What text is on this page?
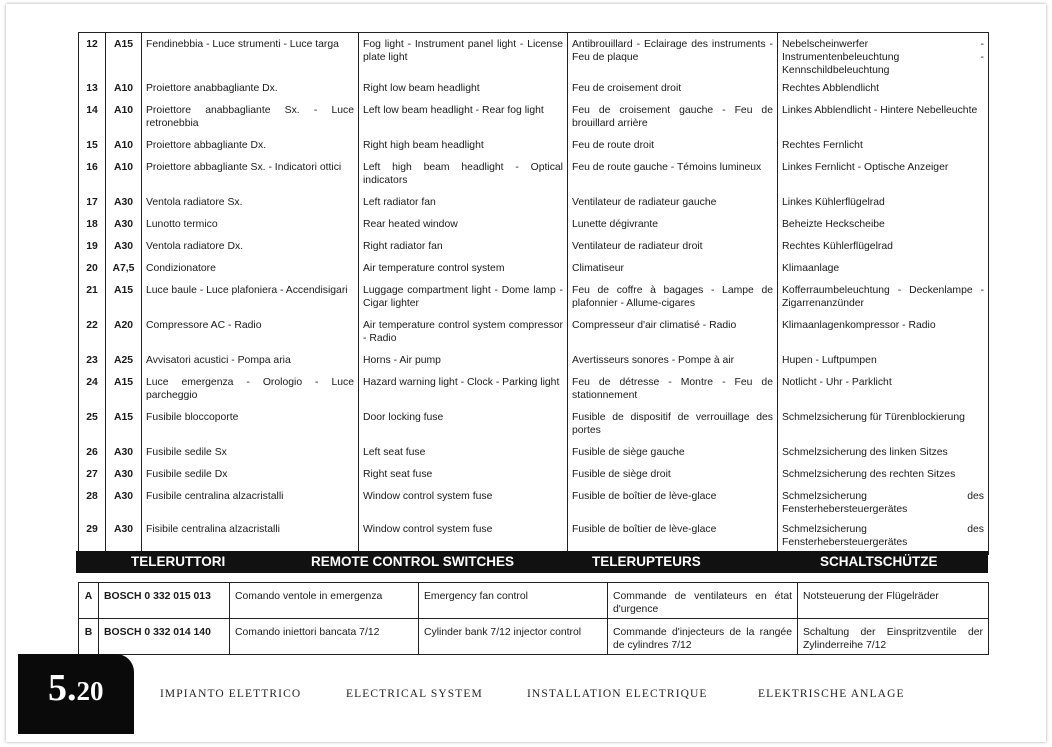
12	A15	Fendinebbia - Luce strumenti - Luce targa	Fog light - Instrument panel light - License plate light	Antibrouillard - Eclairage des instruments - Feu de plaque	Nebelscheinwerfer - Instrumentenbeleuchtung - Kennschildbeleuchtung
13	A10	Proiettore anabbagliante Dx.	Right low beam headlight	Feu de croisement droit	Rechtes Abblendlicht
14	A10	Proiettore anabbagliante Sx. - Luce retronebbia	Left low beam headlight - Rear fog light	Feu de croisement gauche - Feu de brouillard arrière	Linkes Abblendlicht - Hintere Nebelleuchte
15	A10	Proiettore abbagliante Dx.	Right high beam headlight	Feu de route droit	Rechtes Fernlicht
16	A10	Proiettore abbagliante Sx. - Indicatori ottici	Left high beam headlight - Optical indicators	Feu de route gauche - Témoins lumineux	Linkes Fernlicht - Optische Anzeiger
17	A30	Ventola radiatore Sx.	Left radiator fan	Ventilateur de radiateur gauche	Linkes Kühlerflügelrad
18	A30	Lunotto termico	Rear heated window	Lunette dégivrante	Beheizte Heckscheibe
19	A30	Ventola radiatore Dx.	Right radiator fan	Ventilateur de radiateur droit	Rechtes Kühlerflügelrad
20	A7,5	Condizionatore	Air temperature control system	Climatiseur	Klimaanlage
21	A15	Luce baule - Luce plafoniera - Accendisigari	Luggage compartment light - Dome lamp - Cigar lighter	Feu de coffre à bagages - Lampe de plafonnier - Allume-cigares	Kofferraumbeleuchtung - Deckenlampe - Zigarrenanzünder
22	A20	Compressore AC - Radio	Air temperature control system compressor - Radio	Compresseur d'air climatisé - Radio	Klimaanlagenkompressor - Radio
23	A25	Avvisatori acustici - Pompa aria	Horns - Air pump	Avertisseurs sonores - Pompe à air	Hupen - Luftpumpen
24	A15	Luce emergenza - Orologio - Luce parcheggio	Hazard warning light - Clock - Parking light	Feu de détresse - Montre - Feu de stationnement	Notlicht - Uhr - Parklicht
25	A15	Fusibile bloccoporte	Door locking fuse	Fusible de dispositif de verrouillage des portes	Schmelzsicherung für Türenblockierung
26	A30	Fusibile sedile Sx	Left seat fuse	Fusible de siège gauche	Schmelzsicherung des linken Sitzes
27	A30	Fusibile sedile Dx	Right seat fuse	Fusible de siège droit	Schmelzsicherung des rechten Sitzes
28	A30	Fusibile centralina alzacristalli	Window control system fuse	Fusible de boîtier de lève-glace	Schmelzsicherung des Fensterhebersteuergerätes
29	A30	Fisibile centralina alzacristalli	Window control system fuse	Fusible de boîtier de lève-glace	Schmelzsicherung des Fensterhebersteuergerätes
TELERUTTORI	REMOTE CONTROL SWITCHES	TELERUPTEURS	SCHALTSCHÜTZE
A	BOSCH 0 332 015 013	Comando ventole in emergenza	Emergency fan control	Commande de ventilateurs en état d'urgence	Notsteuerung der Flügelräder
B	BOSCH 0 332 014 140	Comando iniettori bancata 7/12	Cylinder bank 7/12 injector control	Commande d'injecteurs de la rangée de cylindres 7/12	Schaltung der Einspritzventile der Zylinderreihe 7/12
5.20	IMPIANTO ELETTRICO	ELECTRICAL SYSTEM	INSTALLATION ELECTRIQUE	ELEKTRISCHE ANLAGE
